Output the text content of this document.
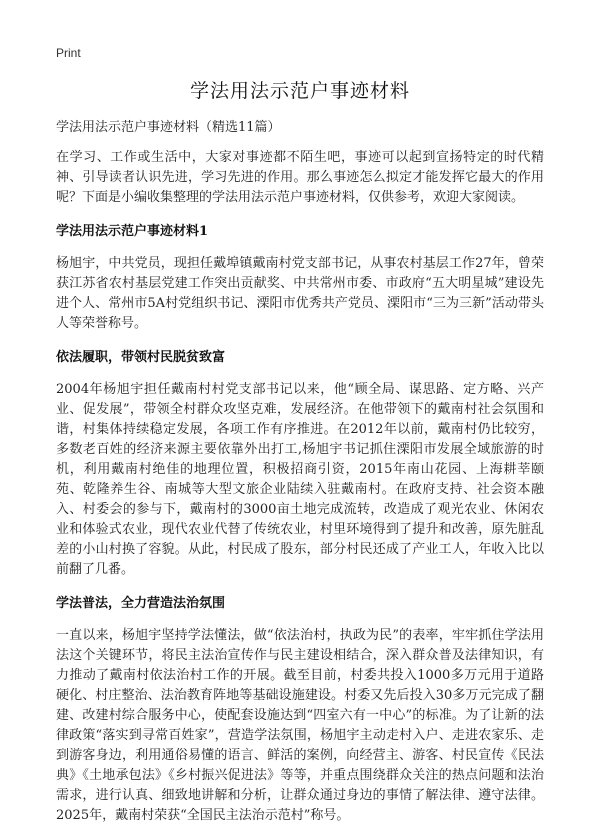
Print
学法用法示范户事迹材料
学法用法示范户事迹材料（精选11篇）

在学习、工作或生活中，大家对事迹都不陌生吧，事迹可以起到宣扬特定的时代精神、引导读者认识先进，学习先进的作用。那么事迹怎么拟定才能发挥它最大的作用呢？下面是小编收集整理的学法用法示范户事迹材料，仅供参考，欢迎大家阅读。

学法用法示范户事迹材料1

杨旭宇，中共党员，现担任戴埠镇戴南村党支部书记，从事农村基层工作27年，曾荣获江苏省农村基层党建工作突出贡献奖、中共常州市委、市政府“五大明星城”建设先进个人、常州市5A村党组织书记、溧阳市优秀共产党员、溧阳市“三为三新”活动带头人等荣誉称号。

依法履职，带领村民脱贫致富

2004年杨旭宇担任戴南村村党支部书记以来，他“顾全局、谋思路、定方略、兴产业、促发展”，带领全村群众攻坚克难，发展经济。在他带领下的戴南村社会氛围和谐，村集体持续稳定发展，各项工作有序推进。在2012年以前，戴南村仍比较穷，多数老百姓的经济来源主要依靠外出打工,杨旭宇书记抓住溧阳市发展全域旅游的时机，利用戴南村绝佳的地理位置，积极招商引资，2015年南山花园、上海耕莘颐苑、乾隆养生谷、南城等大型文旅企业陆续入驻戴南村。在政府支持、社会资本融入、村委会的参与下，戴南村的3000亩土地完成流转，改造成了观光农业、休闲农业和体验式农业，现代农业代替了传统农业，村里环境得到了提升和改善，原先脏乱差的小山村换了容貌。从此，村民成了股东，部分村民还成了产业工人，年收入比以前翻了几番。

学法普法，全力营造法治氛围

一直以来，杨旭宇坚持学法懂法，做“依法治村，执政为民”的表率，牢牢抓住学法用法这个关键环节，将民主法治宣传作与民主建设相结合，深入群众普及法律知识，有力推动了戴南村依法治村工作的开展。截至目前，村委共投入1000多万元用于道路硬化、村庄整治、法治教育阵地等基础设施建设。村委又先后投入30多万元完成了翻建、改建村综合服务中心，使配套设施达到“四室六有一中心”的标准。为了让新的法律政策“落实到寻常百姓家”，营造学法氛围，杨旭宇主动走村入户、走进农家乐、走到游客身边，利用通俗易懂的语言、鲜活的案例，向经营主、游客、村民宣传《民法典》《土地承包法》《乡村振兴促进法》等等，并重点围绕群众关注的热点问题和法治需求，进行认真、细致地讲解和分析，让群众通过身边的事情了解法律、遵守法律。2025年，戴南村荣获“全国民主法治示范村”称号。
